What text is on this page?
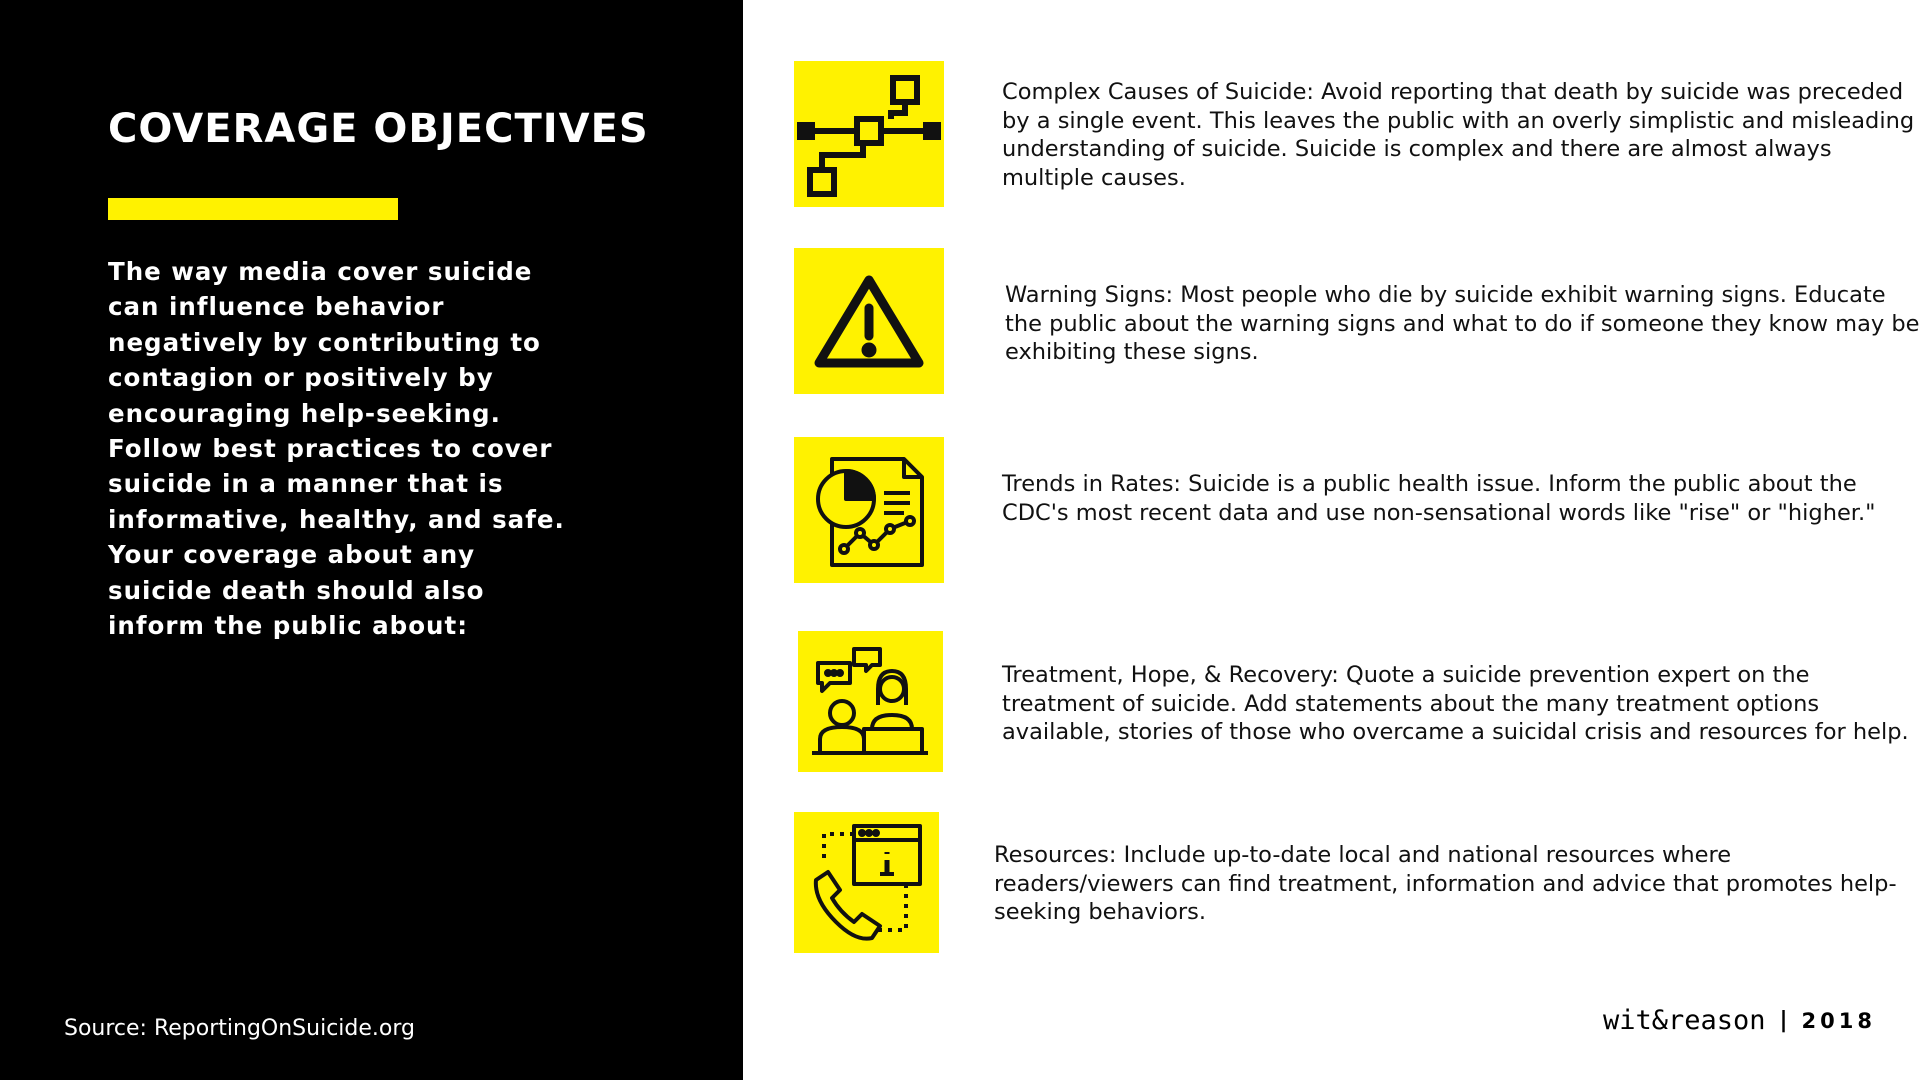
COVERAGE OBJECTIVES

The way media cover suicide can influence behavior negatively by contributing to contagion or positively by encouraging help-seeking. Follow best practices to cover suicide in a manner that is informative, healthy, and safe. Your coverage about any suicide death should also inform the public about:

Source: ReportingOnSuicide.org

Complex Causes of Suicide: Avoid reporting that death by suicide was preceded by a single event. This leaves the public with an overly simplistic and misleading understanding of suicide. Suicide is complex and there are almost always multiple causes.

Warning Signs: Most people who die by suicide exhibit warning signs. Educate the public about the warning signs and what to do if someone they know may be exhibiting these signs.

Trends in Rates: Suicide is a public health issue. Inform the public about the CDC's most recent data and use non-sensational words like "rise" or "higher."

Treatment, Hope, & Recovery: Quote a suicide prevention expert on the treatment of suicide. Add statements about the many treatment options available, stories of those who overcame a suicidal crisis and resources for help.

Resources: Include up-to-date local and national resources where readers/viewers can find treatment, information and advice that promotes help-seeking behaviors.

wit&reason | 2018
